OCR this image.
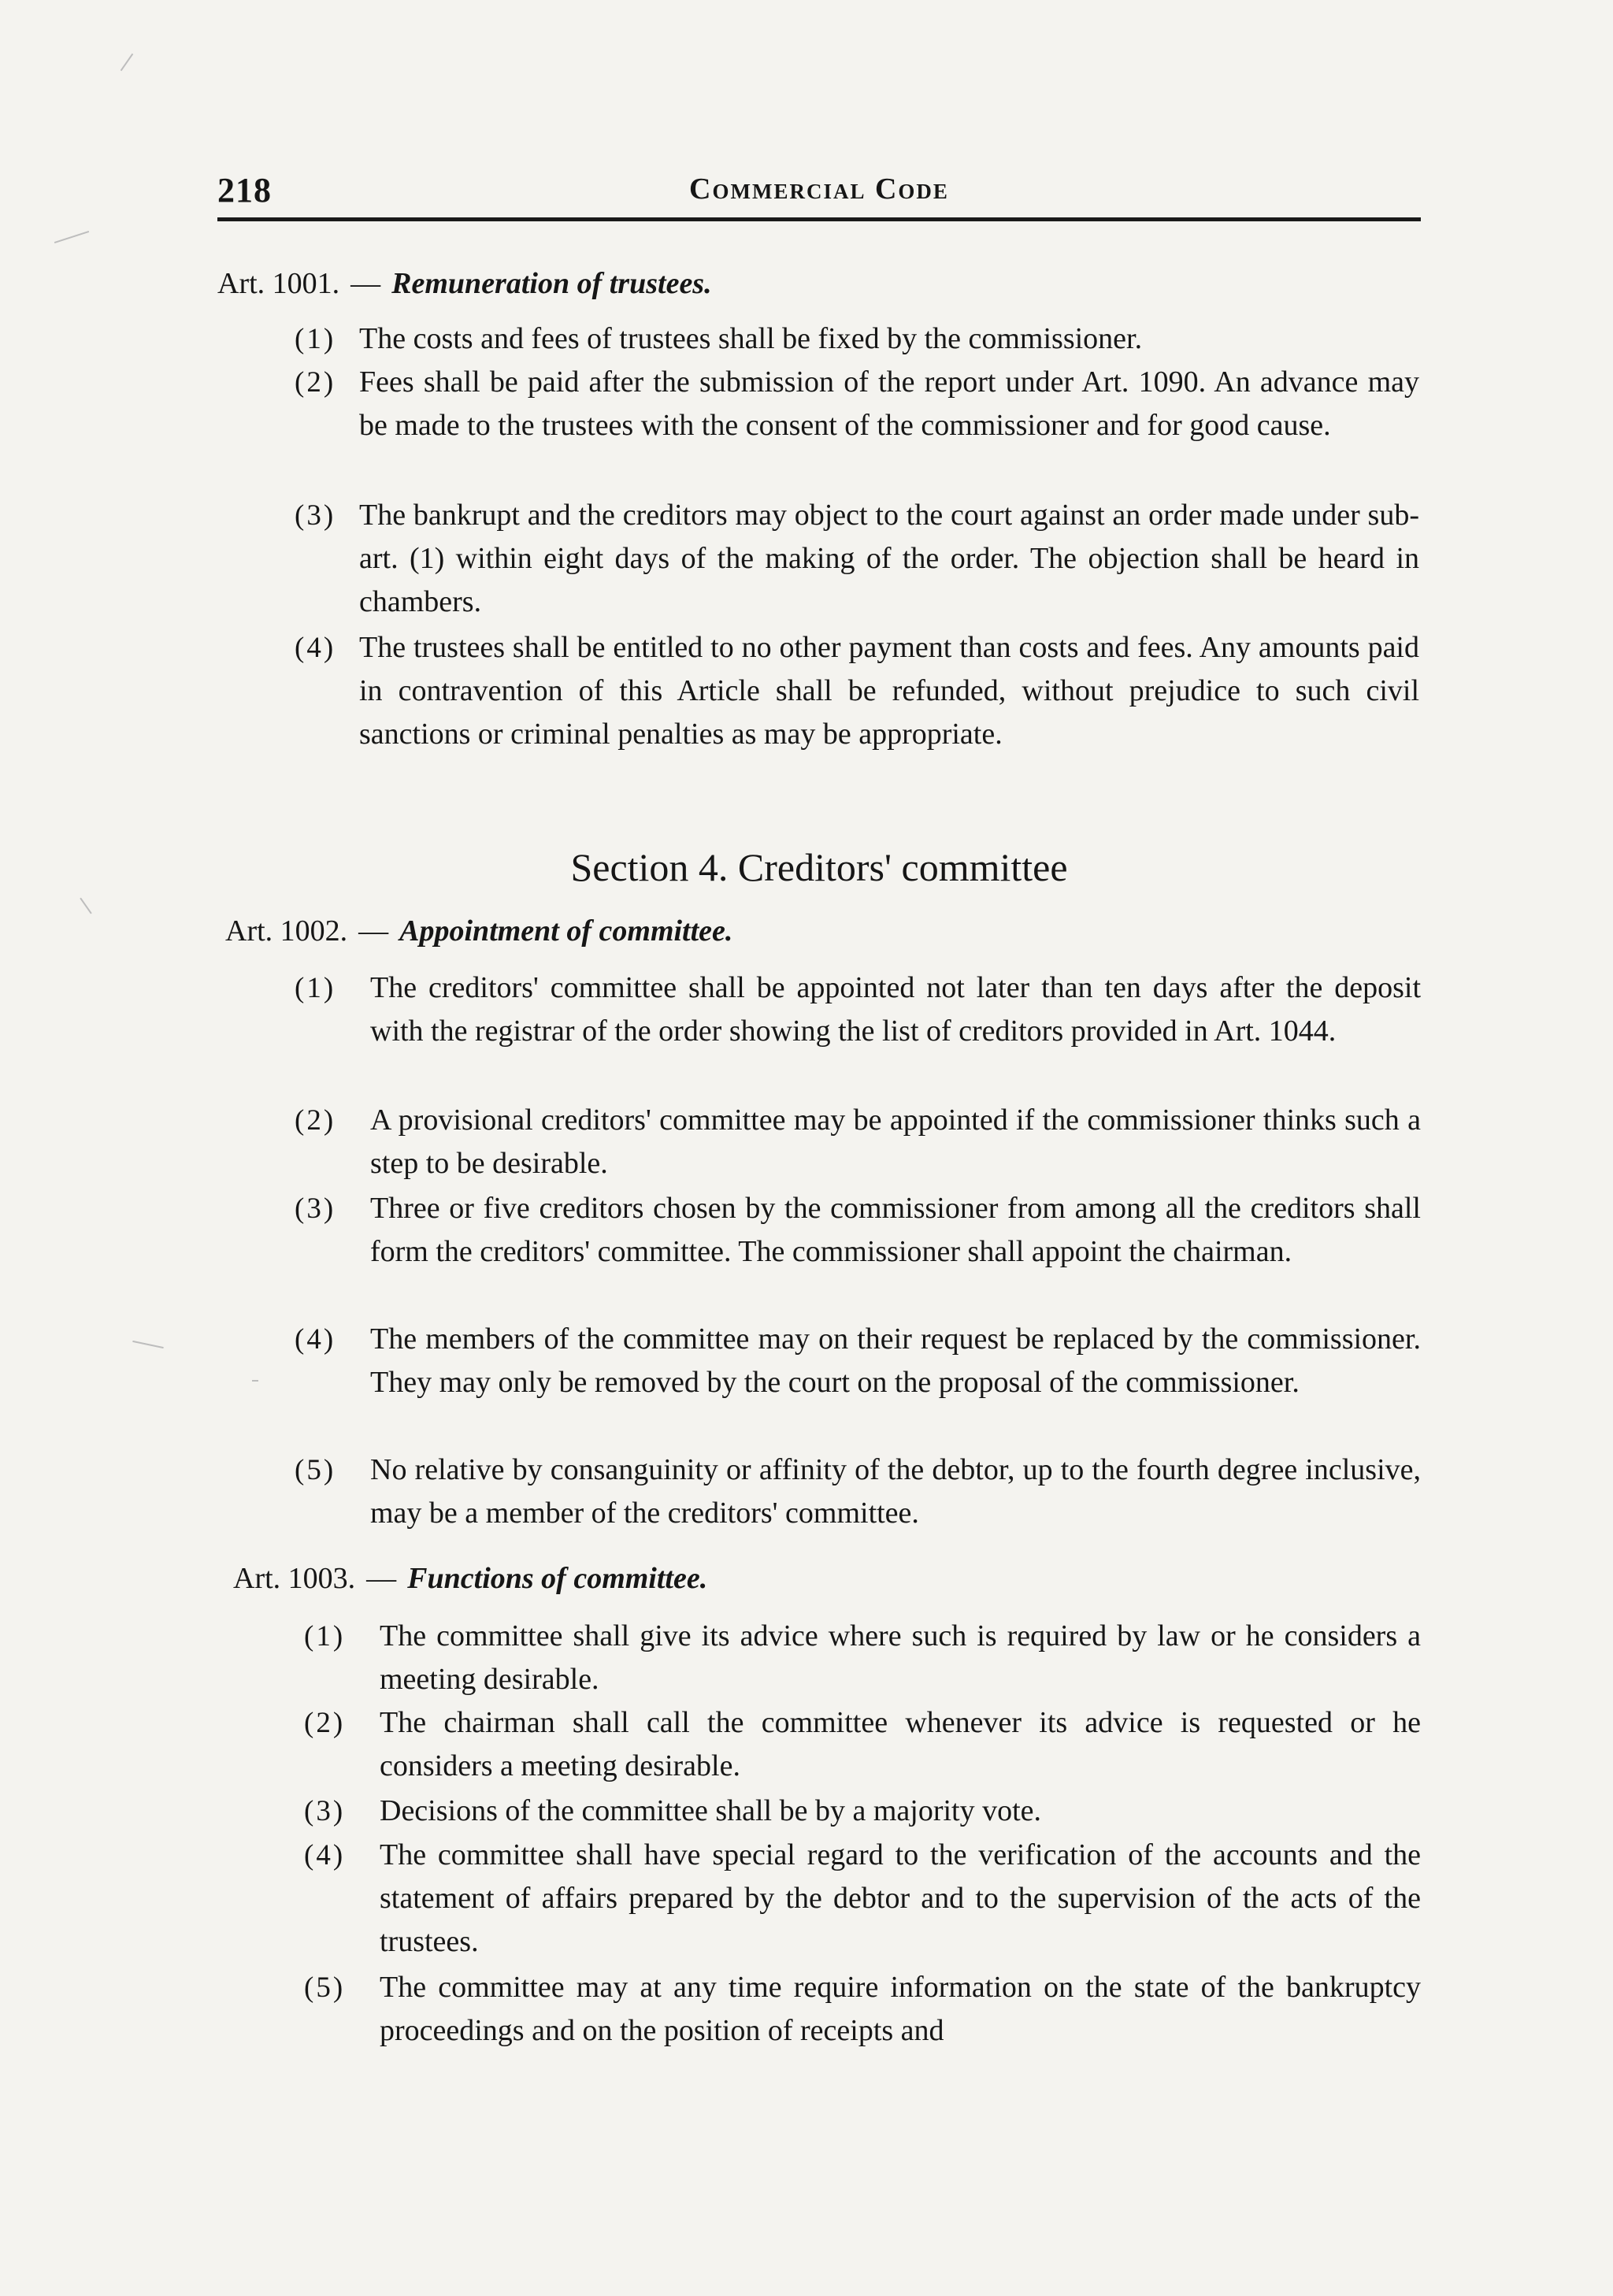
218	Commercial Code
Art. 1001. — Remuneration of trustees.
(1) The costs and fees of trustees shall be fixed by the commissioner.
(2) Fees shall be paid after the submission of the report under Art. 1090. An advance may be made to the trustees with the consent of the commissioner and for good cause.
(3) The bankrupt and the creditors may object to the court against an order made under sub-art. (1) within eight days of the making of the order. The objection shall be heard in chambers.
(4) The trustees shall be entitled to no other payment than costs and fees. Any amounts paid in contravention of this Article shall be refunded, without prejudice to such civil sanctions or criminal penalties as may be appropriate.
Section 4. Creditors' committee
Art. 1002. — Appointment of committee.
(1)	The creditors' committee shall be appointed not later than ten days after the deposit with the registrar of the order showing the list of creditors provided in Art. 1044.
(2)	A provisional creditors' committee may be appointed if the commissioner thinks such a step to be desirable.
(3)	Three or five creditors chosen by the commissioner from among all the creditors shall form the creditors' committee. The commissioner shall appoint the chairman.
(4)	The members of the committee may on their request be replaced by the commissioner. They may only be removed by the court on the proposal of the commissioner.
(5)	No relative by consanguinity or affinity of the debtor, up to the fourth degree inclusive, may be a member of the creditors' committee.
Art. 1003. — Functions of committee.
(1)	The committee shall give its advice where such is required by law or he considers a meeting desirable.
(2)	The chairman shall call the committee whenever its advice is requested or he considers a meeting desirable.
(3)	Decisions of the committee shall be by a majority vote.
(4)	The committee shall have special regard to the verification of the accounts and the statement of affairs prepared by the debtor and to the supervision of the acts of the trustees.
(5)	The committee may at any time require information on the state of the bankruptcy proceedings and on the position of receipts and
